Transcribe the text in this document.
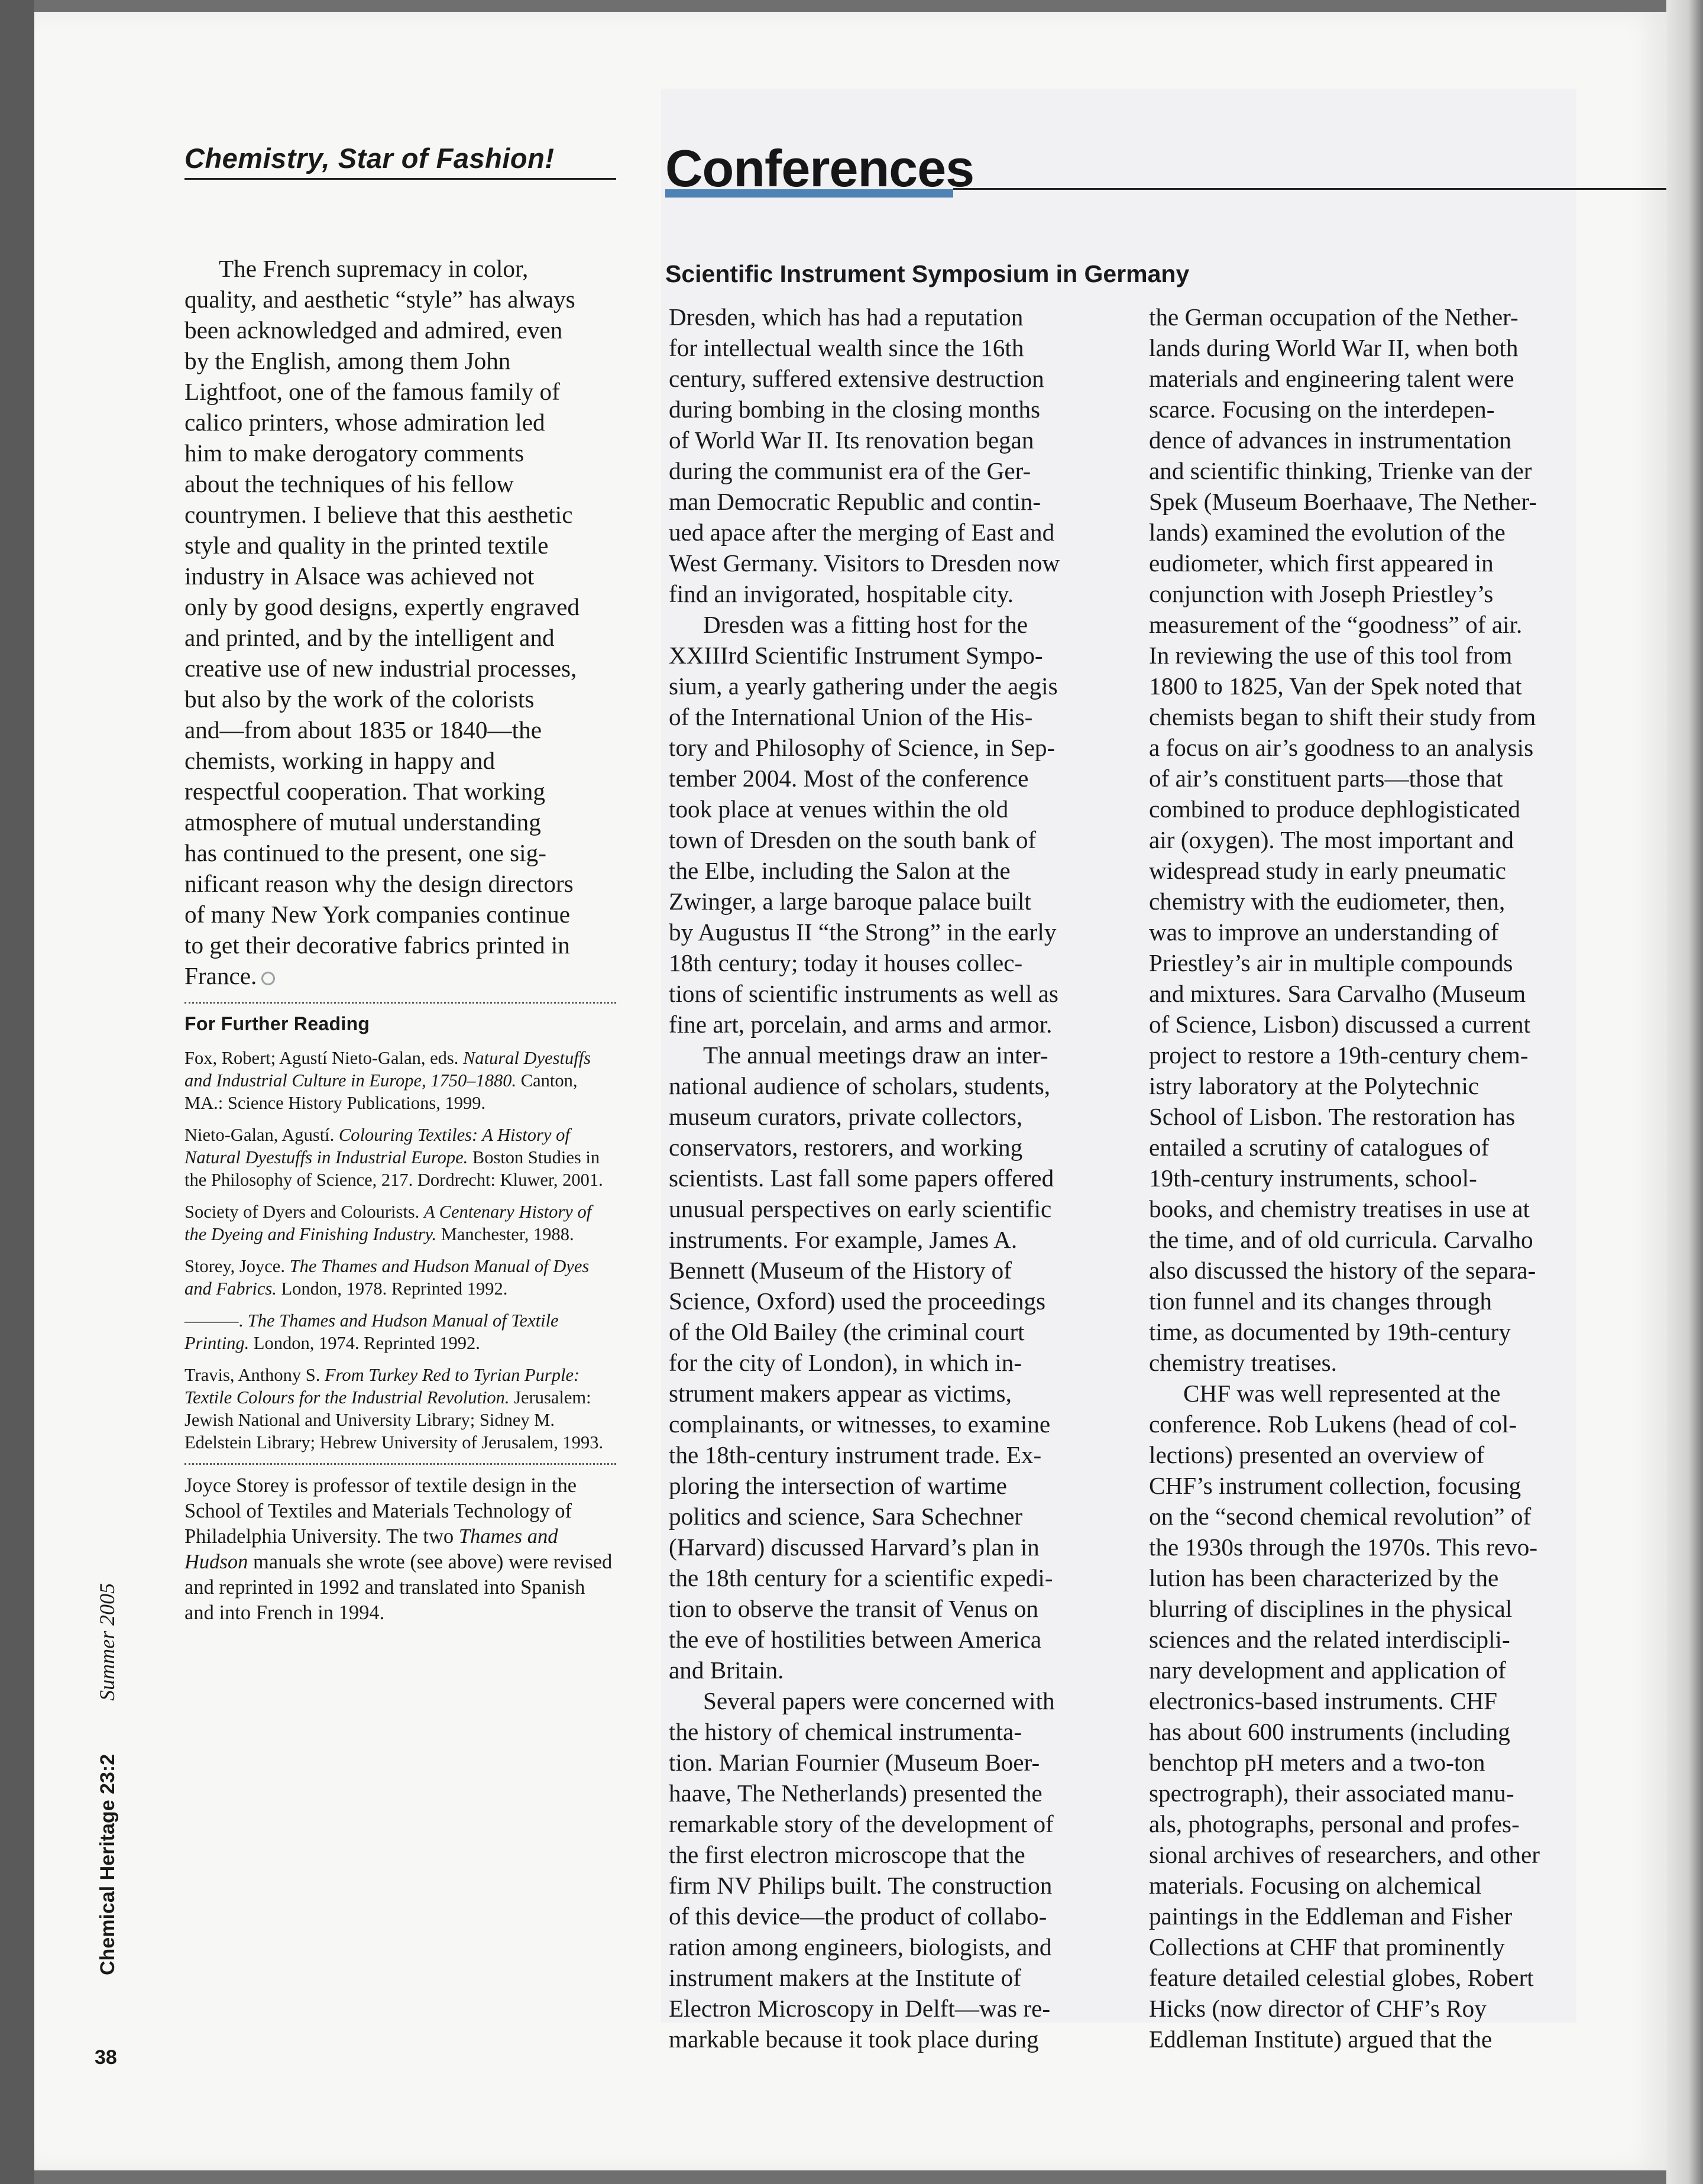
Chemistry, Star of Fashion!
The French supremacy in color,
quality, and aesthetic “style” has always
been acknowledged and admired, even
by the English, among them John
Lightfoot, one of the famous family of
calico printers, whose admiration led
him to make derogatory comments
about the techniques of his fellow
countrymen. I believe that this aesthetic
style and quality in the printed textile
industry in Alsace was achieved not
only by good designs, expertly engraved
and printed, and by the intelligent and
creative use of new industrial processes,
but also by the work of the colorists
and—from about 1835 or 1840—the
chemists, working in happy and
respectful cooperation. That working
atmosphere of mutual understanding
has continued to the present, one sig-
nificant reason why the design directors
of many New York companies continue
to get their decorative fabrics printed in
France.
For Further Reading

Fox, Robert; Agustí Nieto-Galan, eds. Natural Dyestuffs and Industrial Culture in Europe, 1750–1880. Canton, MA.: Science History Publications, 1999.

Nieto-Galan, Agustí. Colouring Textiles: A History of Natural Dyestuffs in Industrial Europe. Boston Studies in the Philosophy of Science, 217. Dordrecht: Kluwer, 2001.

Society of Dyers and Colourists. A Centenary History of the Dyeing and Finishing Industry. Manchester, 1988.

Storey, Joyce. The Thames and Hudson Manual of Dyes and Fabrics. London, 1978. Reprinted 1992.

———. The Thames and Hudson Manual of Textile Printing. London, 1974. Reprinted 1992.

Travis, Anthony S. From Turkey Red to Tyrian Purple: Textile Colours for the Industrial Revolution. Jerusalem: Jewish National and University Library; Sidney M. Edelstein Library; Hebrew University of Jerusalem, 1993.

Joyce Storey is professor of textile design in the School of Textiles and Materials Technology of Philadelphia University. The two Thames and Hudson manuals she wrote (see above) were revised and reprinted in 1992 and translated into Spanish and into French in 1994.

Conferences
Scientific Instrument Symposium in Germany
Dresden, which has had a reputation
for intellectual wealth since the 16th
century, suffered extensive destruction
during bombing in the closing months
of World War II. Its renovation began
during the communist era of the Ger-
man Democratic Republic and contin-
ued apace after the merging of East and
West Germany. Visitors to Dresden now
find an invigorated, hospitable city.
Dresden was a fitting host for the
XXIIIrd Scientific Instrument Sympo-
sium, a yearly gathering under the aegis
of the International Union of the His-
tory and Philosophy of Science, in Sep-
tember 2004. Most of the conference
took place at venues within the old
town of Dresden on the south bank of
the Elbe, including the Salon at the
Zwinger, a large baroque palace built
by Augustus II “the Strong” in the early
18th century; today it houses collec-
tions of scientific instruments as well as
fine art, porcelain, and arms and armor.
The annual meetings draw an inter-
national audience of scholars, students,
museum curators, private collectors,
conservators, restorers, and working
scientists. Last fall some papers offered
unusual perspectives on early scientific
instruments. For example, James A.
Bennett (Museum of the History of
Science, Oxford) used the proceedings
of the Old Bailey (the criminal court
for the city of London), in which in-
strument makers appear as victims,
complainants, or witnesses, to examine
the 18th-century instrument trade. Ex-
ploring the intersection of wartime
politics and science, Sara Schechner
(Harvard) discussed Harvard’s plan in
the 18th century for a scientific expedi-
tion to observe the transit of Venus on
the eve of hostilities between America
and Britain.
Several papers were concerned with
the history of chemical instrumenta-
tion. Marian Fournier (Museum Boer-
haave, The Netherlands) presented the
remarkable story of the development of
the first electron microscope that the
firm NV Philips built. The construction
of this device—the product of collabo-
ration among engineers, biologists, and
instrument makers at the Institute of
Electron Microscopy in Delft—was re-
markable because it took place during
the German occupation of the Nether-
lands during World War II, when both
materials and engineering talent were
scarce. Focusing on the interdepen-
dence of advances in instrumentation
and scientific thinking, Trienke van der
Spek (Museum Boerhaave, The Nether-
lands) examined the evolution of the
eudiometer, which first appeared in
conjunction with Joseph Priestley’s
measurement of the “goodness” of air.
In reviewing the use of this tool from
1800 to 1825, Van der Spek noted that
chemists began to shift their study from
a focus on air’s goodness to an analysis
of air’s constituent parts—those that
combined to produce dephlogisticated
air (oxygen). The most important and
widespread study in early pneumatic
chemistry with the eudiometer, then,
was to improve an understanding of
Priestley’s air in multiple compounds
and mixtures. Sara Carvalho (Museum
of Science, Lisbon) discussed a current
project to restore a 19th-century chem-
istry laboratory at the Polytechnic
School of Lisbon. The restoration has
entailed a scrutiny of catalogues of
19th-century instruments, school-
books, and chemistry treatises in use at
the time, and of old curricula. Carvalho
also discussed the history of the separa-
tion funnel and its changes through
time, as documented by 19th-century
chemistry treatises.
CHF was well represented at the
conference. Rob Lukens (head of col-
lections) presented an overview of
CHF’s instrument collection, focusing
on the “second chemical revolution” of
the 1930s through the 1970s. This revo-
lution has been characterized by the
blurring of disciplines in the physical
sciences and the related interdiscipli-
nary development and application of
electronics-based instruments. CHF
has about 600 instruments (including
benchtop pH meters and a two-ton
spectrograph), their associated manu-
als, photographs, personal and profes-
sional archives of researchers, and other
materials. Focusing on alchemical
paintings in the Eddleman and Fisher
Collections at CHF that prominently
feature detailed celestial globes, Robert
Hicks (now director of CHF’s Roy
Eddleman Institute) argued that the
Chemical Heritage 23:2Summer 2005
38
